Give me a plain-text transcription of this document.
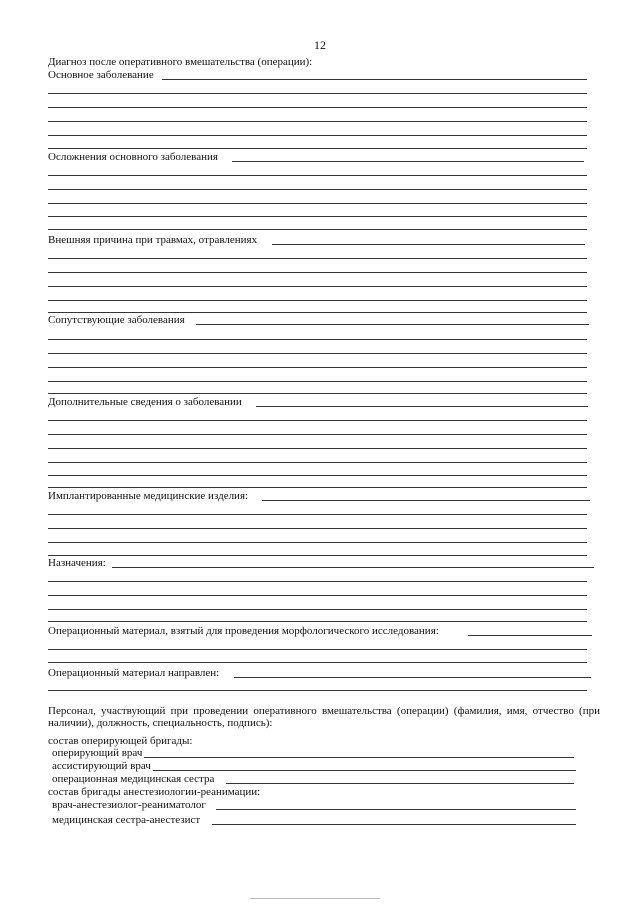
12
Диагноз после оперативного вмешательства (операции):
Основное заболевание
Осложнения основного заболевания
Внешняя причина при травмах, отравлениях
Сопутствующие заболевания
Дополнительные сведения о заболевании
Имплантированные медицинские изделия:
Назначения:
Операционный материал, взятый для проведения морфологического исследования:
Операционный материал направлен:
Персонал, участвующий при проведении оперативного вмешательства (операции) (фамилия, имя, отчество (при наличии), должность, специальность, подпись):
состав оперирующей бригады:
оперирующий врач
ассистирующий врач
операционная медицинская сестра
состав бригады анестезиологии-реанимации:
врач-анестезиолог-реаниматолог
медицинская сестра-анестезист
